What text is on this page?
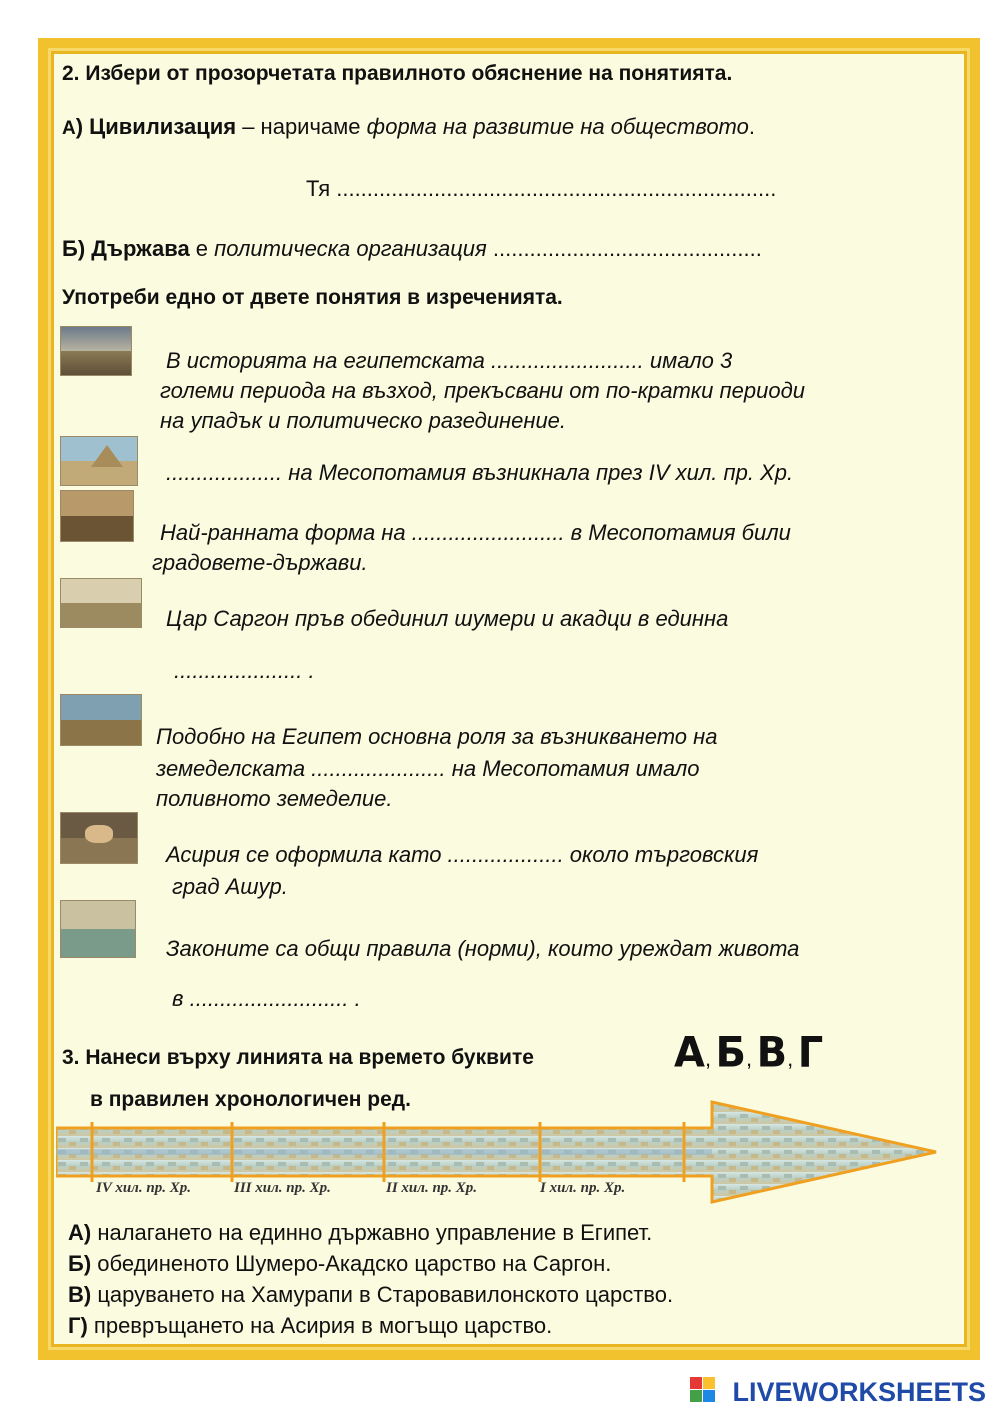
2. Избери от прозорчетата правилното обяснение на понятията.
А) Цивилизация – наричаме форма на развитие на обществото.
Тя ........................................................................
Б) Държава е политическа организация ............................................
Употреби едно от двете понятия в изреченията.
В историята на египетската ......................... имало 3
големи периода на възход, прекъсвани от по-кратки периоди
на упадък и политическо разединение.
................... на Месопотамия възникнала през IV хил. пр. Хр.
Най-ранната форма на ......................... в Месопотамия били
градовете-държави.
Цар Саргон пръв обединил шумери и акадци в единна
..................... .
Подобно на Египет основна роля за възникването на
земеделската ...................... на Месопотамия имало
поливното земеделие.
Асирия се оформила като ................... около търговския
град Ашур.
Законите са общи правила (норми), които уреждат живота
в .......................... .
3. Нанеси върху линията на времето буквите	А, Б, В, Г
в правилен хронологичен ред.
IV хил. пр. Хр.	III хил. пр. Хр.	II хил. пр. Хр.	I хил. пр. Хр.
А) налагането на единно държавно управление в Египет.
Б) обединеното Шумеро-Акадско царство на Саргон.
В) царуването на Хамурапи в Старовавилонското царство.
Г) превръщането на Асирия в могъщо царство.
LIVEWORKSHEETS
